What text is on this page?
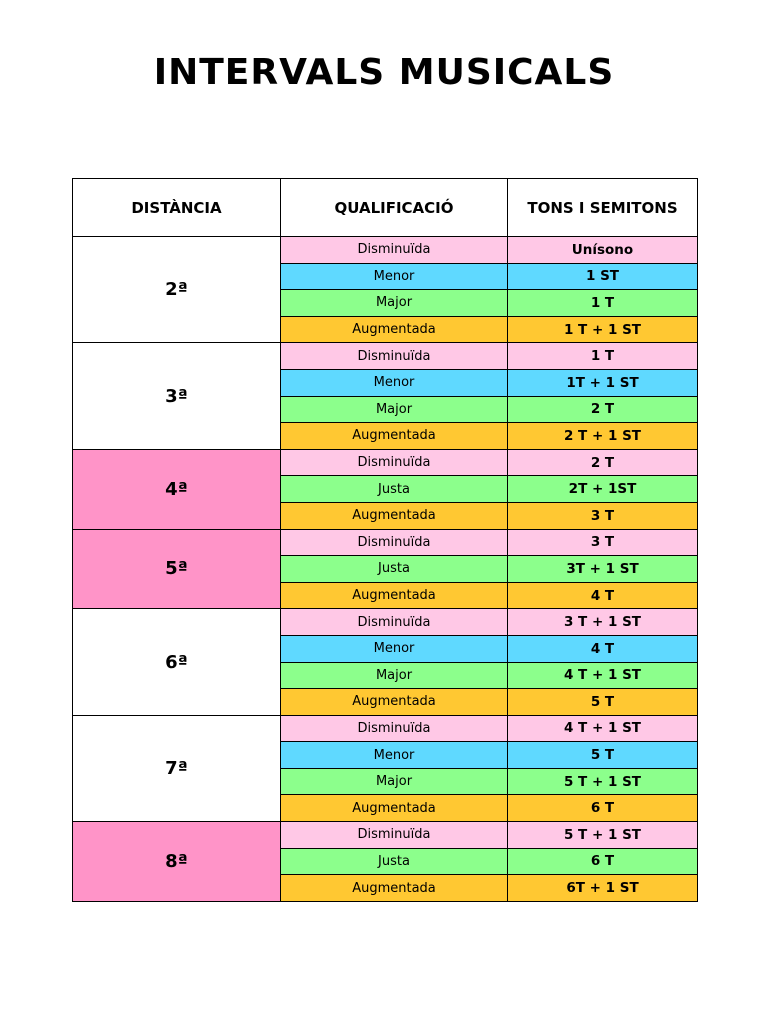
INTERVALS MUSICALS
DISTÀNCIA	QUALIFICACIÓ	TONS I SEMITONS
2ª	Disminuïda	Unísono
	Menor	1 ST
	Major	1 T
	Augmentada	1 T + 1 ST
3ª	Disminuïda	1 T
	Menor	1T + 1 ST
	Major	2 T
	Augmentada	2 T + 1 ST
4ª	Disminuïda	2 T
	Justa	2T + 1ST
	Augmentada	3 T
5ª	Disminuïda	3 T
	Justa	3T + 1 ST
	Augmentada	4 T
6ª	Disminuïda	3 T + 1 ST
	Menor	4 T
	Major	4 T + 1 ST
	Augmentada	5 T
7ª	Disminuïda	4 T + 1 ST
	Menor	5 T
	Major	5 T + 1 ST
	Augmentada	6 T
8ª	Disminuïda	5 T + 1 ST
	Justa	6 T
	Augmentada	6T + 1 ST
